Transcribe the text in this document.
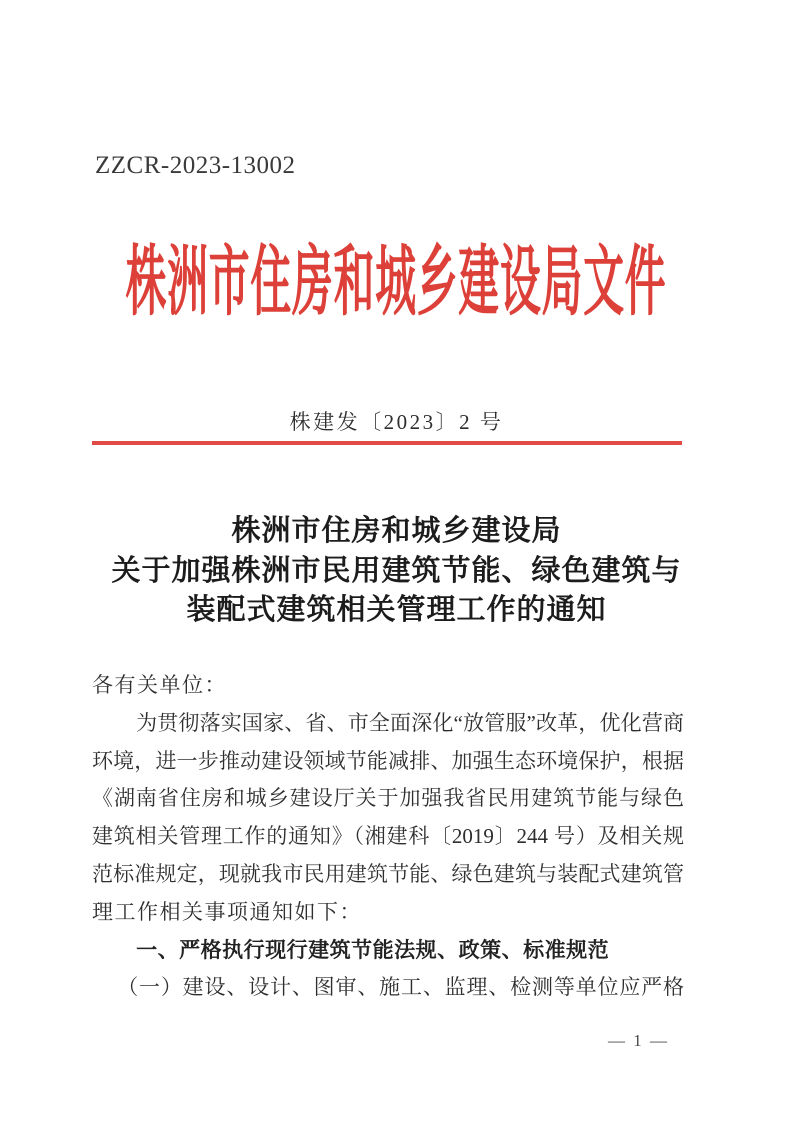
ZZCR-2023-13002
株洲市住房和城乡建设局文件
株建发〔2023〕2 号
株洲市住房和城乡建设局
关于加强株洲市民用建筑节能、绿色建筑与
装配式建筑相关管理工作的通知
各有关单位：
为贯彻落实国家、省、市全面深化“放管服”改革，优化营商
环境，进一步推动建设领域节能减排、加强生态环境保护，根据
《湖南省住房和城乡建设厅关于加强我省民用建筑节能与绿色
建筑相关管理工作的通知》（湘建科〔2019〕244 号）及相关规
范标准规定，现就我市民用建筑节能、绿色建筑与装配式建筑管
理工作相关事项通知如下：
一、严格执行现行建筑节能法规、政策、标准规范
（一）建设、设计、图审、施工、监理、检测等单位应严格
— 1 —
